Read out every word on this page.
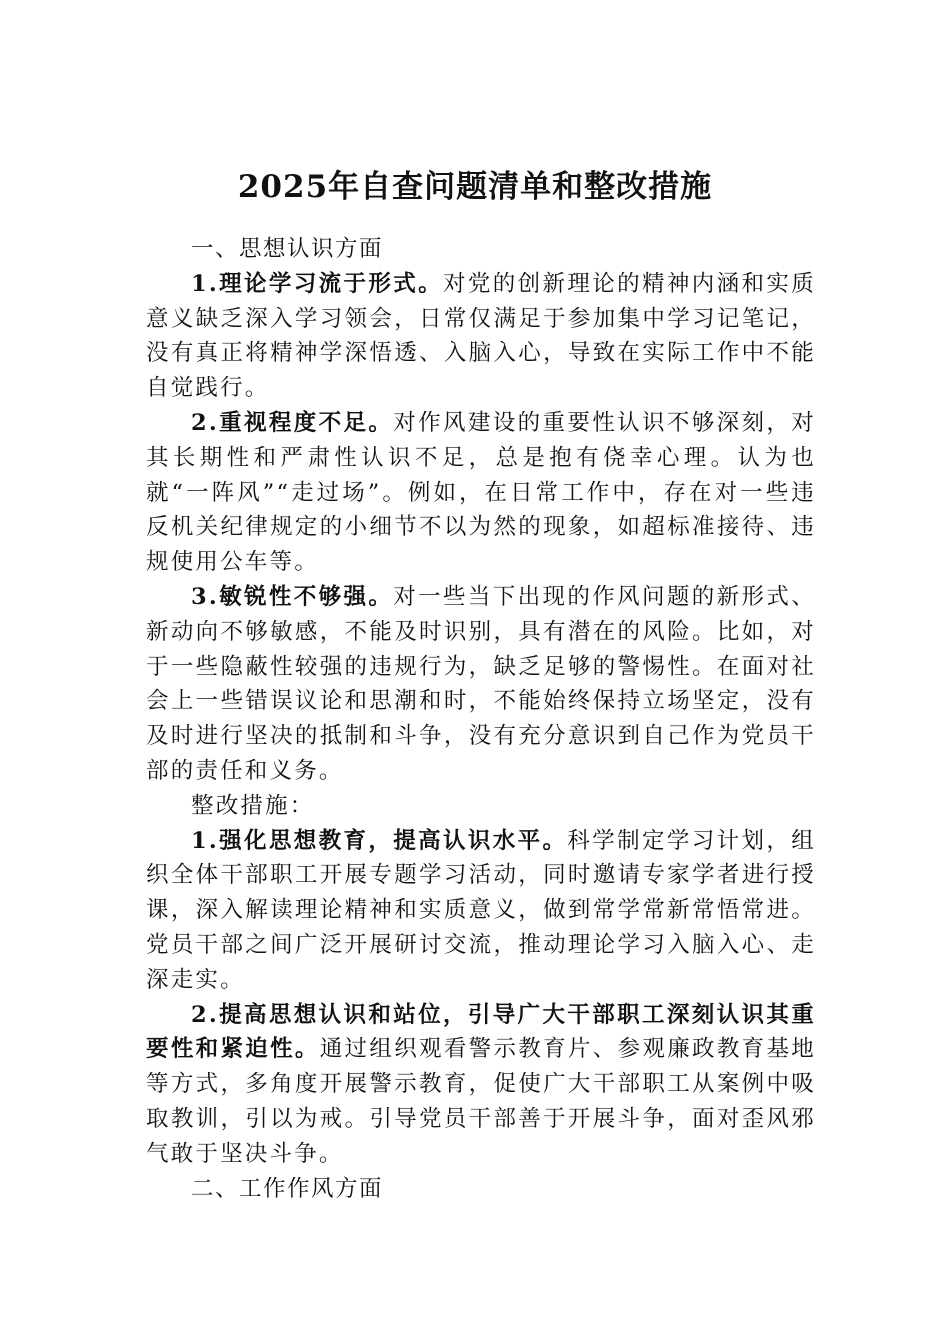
2025年自查问题清单和整改措施

一、思想认识方面

1.理论学习流于形式。对党的创新理论的精神内涵和实质意义缺乏深入学习领会，日常仅满足于参加集中学习记笔记，没有真正将精神学深悟透、入脑入心，导致在实际工作中不能自觉践行。

2.重视程度不足。对作风建设的重要性认识不够深刻，对其长期性和严肃性认识不足，总是抱有侥幸心理。认为也就“一阵风”“走过场”。例如，在日常工作中，存在对一些违反机关纪律规定的小细节不以为然的现象，如超标准接待、违规使用公车等。

3.敏锐性不够强。对一些当下出现的作风问题的新形式、新动向不够敏感，不能及时识别，具有潜在的风险。比如，对于一些隐蔽性较强的违规行为，缺乏足够的警惕性。在面对社会上一些错误议论和思潮和时，不能始终保持立场坚定，没有及时进行坚决的抵制和斗争，没有充分意识到自己作为党员干部的责任和义务。

整改措施：

1.强化思想教育，提高认识水平。科学制定学习计划，组织全体干部职工开展专题学习活动，同时邀请专家学者进行授课，深入解读理论精神和实质意义，做到常学常新常悟常进。党员干部之间广泛开展研讨交流，推动理论学习入脑入心、走深走实。

2.提高思想认识和站位，引导广大干部职工深刻认识其重要性和紧迫性。通过组织观看警示教育片、参观廉政教育基地等方式，多角度开展警示教育，促使广大干部职工从案例中吸取教训，引以为戒。引导党员干部善于开展斗争，面对歪风邪气敢于坚决斗争。

二、工作作风方面
